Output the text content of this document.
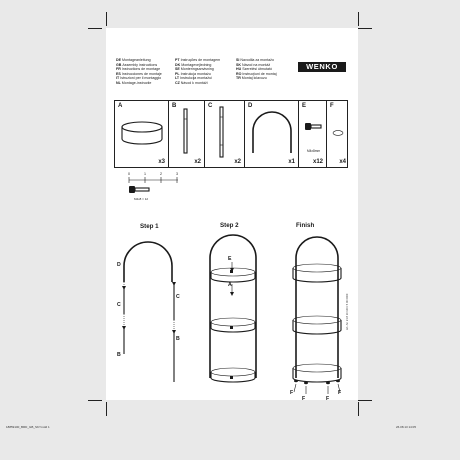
DEMontageanleitung
GBAssembly instructions
FRInstructions de montage
ESInstrucciones de montaje
ITIstruzioni per il montaggio
NLMontage-instructie
PTInstruções de montagem
DKMontagevejledning
SEMonteringsanvisning
PLInstrukcja montażu
LTInstrukcija montažui
CZNávod k montáži
SINavodila za montažo
SKNávod na montáž
HUSzerelési útmutató
ROInstrucţiuni de montaj
TRMontaj kılavuzu
WENKO
A
x3
B
x2
C
x2
D
x1
E
M4x8mm
x12
F
x4
0	1	2	3
M4x8 = 12
Step 1	Step 2	Finish
D
C
C
B
B
E
A
F
F	F
F
Art.-Nr. 21 8 10 100 / 5 00 0000
18859100_BRD_GB_SKY.indd 1	26.08.13 14:05
